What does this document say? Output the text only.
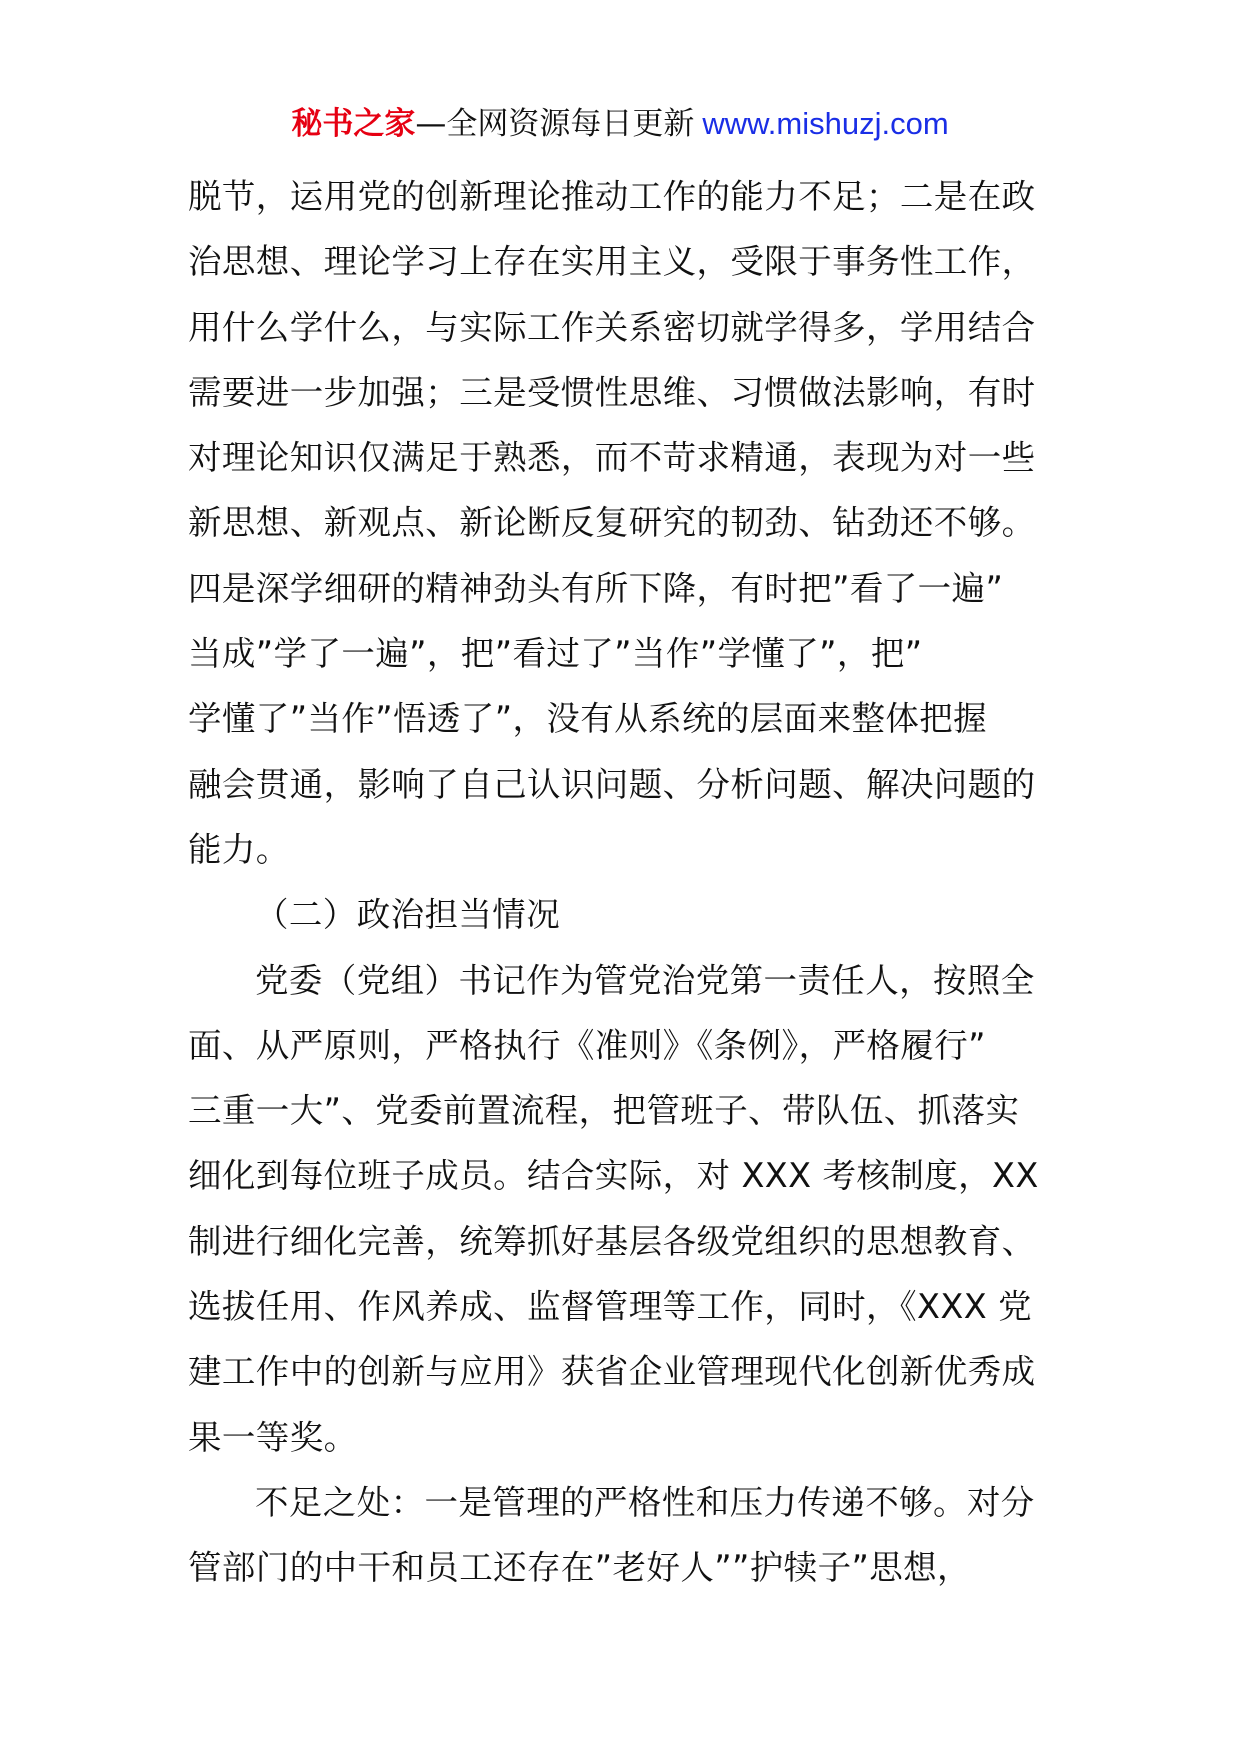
秘书之家—全网资源每日更新 www.mishuzj.com
脱节，运用党的创新理论推动工作的能力不足；二是在政
治思想、理论学习上存在实用主义，受限于事务性工作，
用什么学什么，与实际工作关系密切就学得多，学用结合
需要进一步加强；三是受惯性思维、习惯做法影响，有时
对理论知识仅满足于熟悉，而不苛求精通，表现为对一些
新思想、新观点、新论断反复研究的韧劲、钻劲还不够。
四是深学细研的精神劲头有所下降，有时把”看了一遍”
当成”学了一遍”，把”看过了”当作”学懂了”，把”
学懂了”当作”悟透了”，没有从系统的层面来整体把握
融会贯通，影响了自己认识问题、分析问题、解决问题的
能力。
（二）政治担当情况
党委（党组）书记作为管党治党第一责任人，按照全
面、从严原则，严格执行《准则》《条例》，严格履行”
三重一大”、党委前置流程，把管班子、带队伍、抓落实
细化到每位班子成员。结合实际，对 XXX 考核制度，XX
制进行细化完善，统筹抓好基层各级党组织的思想教育、
选拔任用、作风养成、监督管理等工作，同时，《XXX 党
建工作中的创新与应用》获省企业管理现代化创新优秀成
果一等奖。
不足之处：一是管理的严格性和压力传递不够。对分
管部门的中干和员工还存在”老好人””护犊子”思想，
